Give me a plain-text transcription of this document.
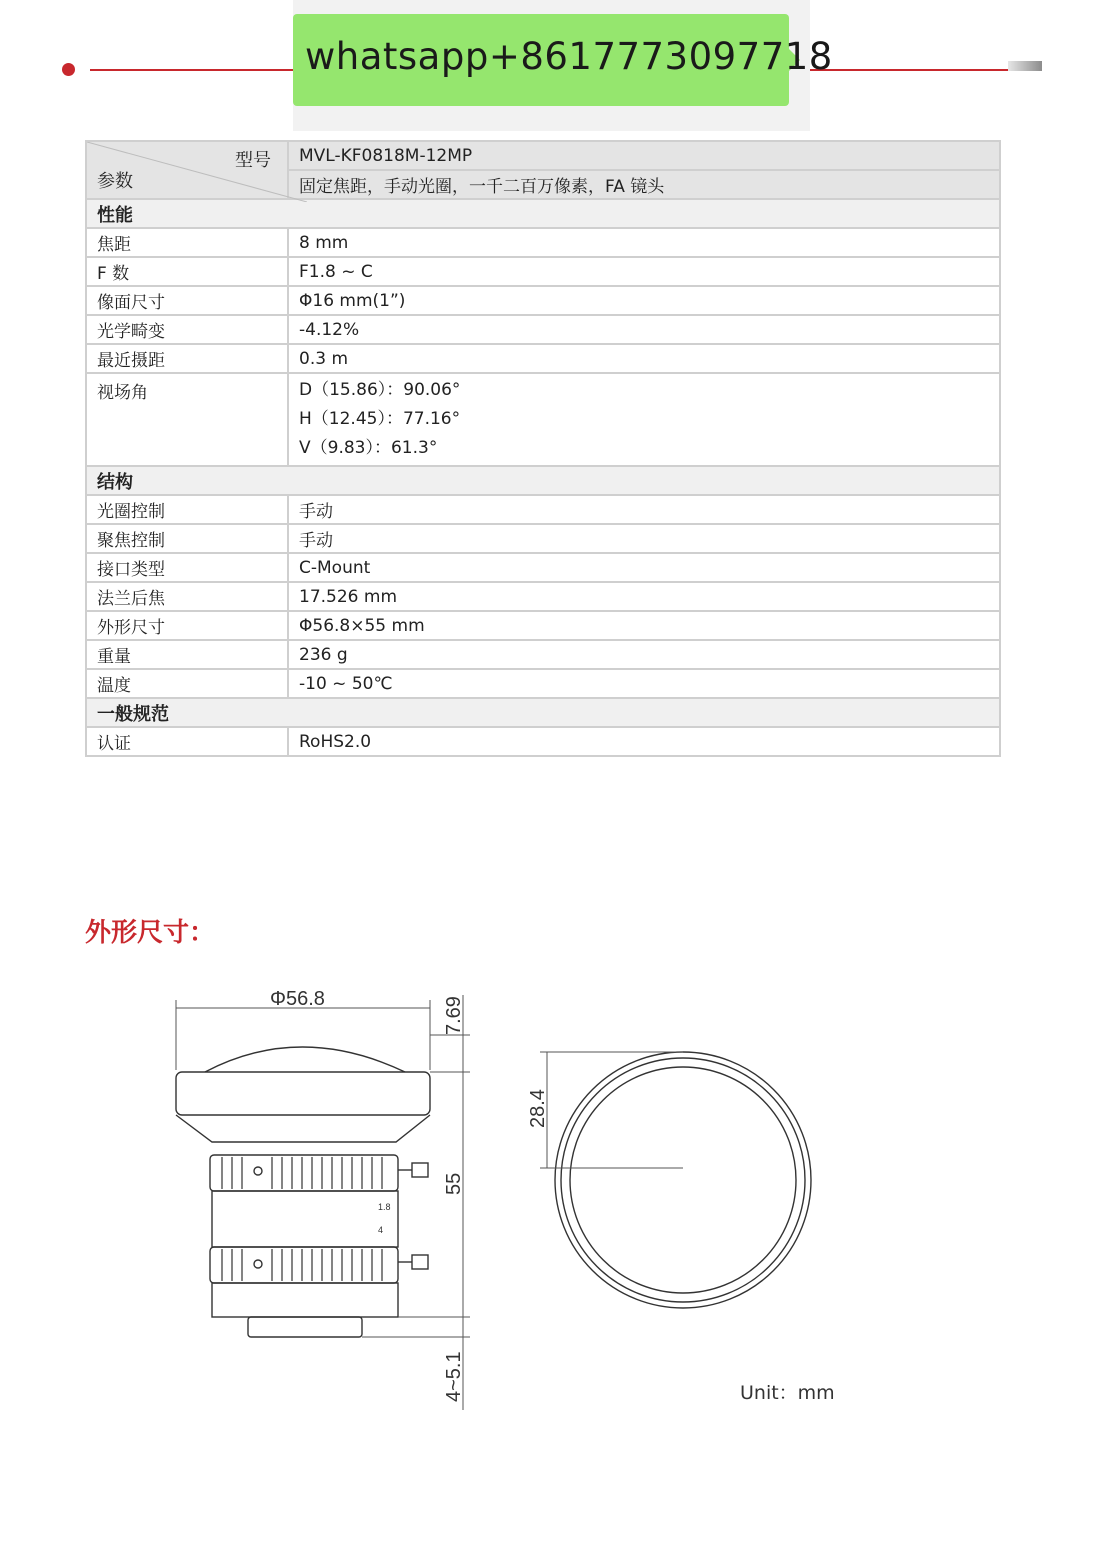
whatsapp+8617773097718
型号
参数	MVL-KF0818M-12MP
	固定焦距，手动光圈，一千二百万像素，FA 镜头
性能	
焦距	8 mm
F 数	F1.8 ~ C
像面尺寸	Φ16 mm(1”)
光学畸变	-4.12%
最近摄距	0.3 m
视场角	D（15.86）：90.06°
H（12.45）：77.16°
V（9.83）：61.3°

结构	
光圈控制	手动
聚焦控制	手动
接口类型	C-Mount
法兰后焦	17.526 mm
外形尺寸	Φ56.8×55 mm
重量	236 g
温度	-10 ~ 50℃
一般规范	
认证	RoHS2.0
外形尺寸：
1.8
4
Φ56.8	7.69
55
4~5.1
28.4
Unit：mm
